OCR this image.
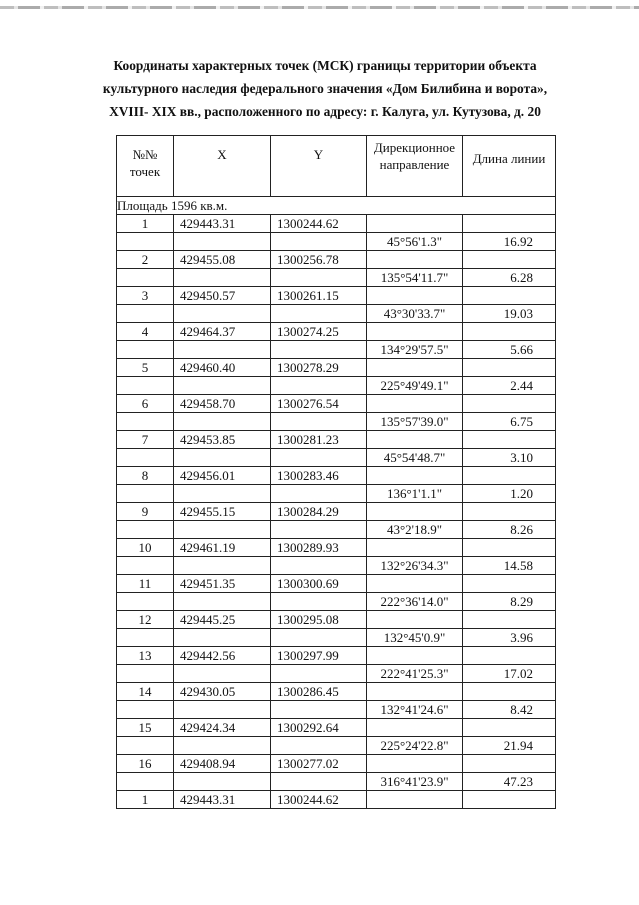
Координаты характерных точек (МСК) границы территории объекта
культурного наследия федерального значения «Дом Билибина и ворота»,
XVIII- XIX вв., расположенного по адресу: г. Калуга, ул. Кутузова, д. 20
№№ точек	X	Y	Дирекционное направление	Длина линии
Площадь 1596 кв.м.				
1	429443.31	1300244.62		
			45°56'1.3"	16.92
2	429455.08	1300256.78		
			135°54'11.7"	6.28
3	429450.57	1300261.15		
			43°30'33.7"	19.03
4	429464.37	1300274.25		
			134°29'57.5"	5.66
5	429460.40	1300278.29		
			225°49'49.1"	2.44
6	429458.70	1300276.54		
			135°57'39.0"	6.75
7	429453.85	1300281.23		
			45°54'48.7"	3.10
8	429456.01	1300283.46		
			136°1'1.1"	1.20
9	429455.15	1300284.29		
			43°2'18.9"	8.26
10	429461.19	1300289.93		
			132°26'34.3"	14.58
11	429451.35	1300300.69		
			222°36'14.0"	8.29
12	429445.25	1300295.08		
			132°45'0.9"	3.96
13	429442.56	1300297.99		
			222°41'25.3"	17.02
14	429430.05	1300286.45		
			132°41'24.6"	8.42
15	429424.34	1300292.64		
			225°24'22.8"	21.94
16	429408.94	1300277.02		
			316°41'23.9"	47.23
1	429443.31	1300244.62		
